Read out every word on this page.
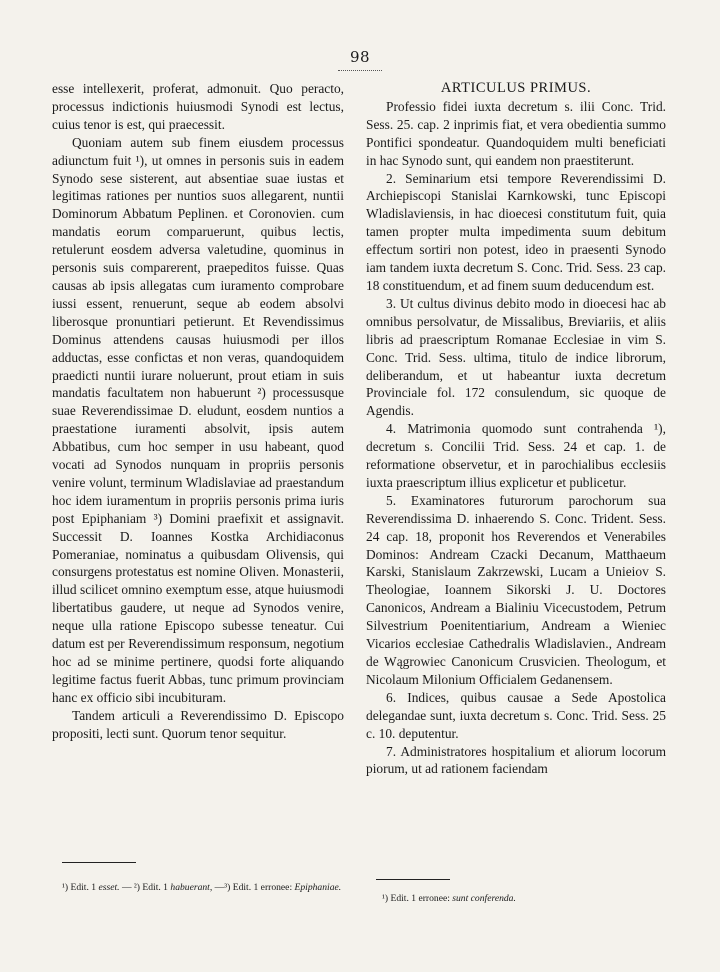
98

esse intellexerit, proferat, admonuit. Quo peracto, processus indictionis huiusmodi Synodi est lectus, cuius tenor is est, qui praecessit.

Quoniam autem sub finem eiusdem processus adiunctum fuit ¹), ut omnes in personis suis in eadem Synodo sese sisterent, aut absentiae suae iustas et legitimas rationes per nuntios suos allegarent, nuntii Dominorum Abbatum Peplinen. et Coronovien. cum mandatis eorum comparuerunt, quibus lectis, retulerunt eosdem adversa valetudine, quominus in personis suis comparerent, praepeditos fuisse. Quas causas ab ipsis allegatas cum iuramento comprobare iussi essent, renuerunt, seque ab eodem absolvi liberosque pronuntiari petierunt. Et Revendissimus Dominus attendens causas huiusmodi per illos adductas, esse confictas et non veras, quandoquidem praedicti nuntii iurare noluerunt, prout etiam in suis mandatis facultatem non habuerunt ²) processusque suae Reverendissimae D. eludunt, eosdem nuntios a praestatione iuramenti absolvit, ipsis autem Abbatibus, cum hoc semper in usu habeant, quod vocati ad Synodos nunquam in propriis personis venire volunt, terminum Wladislaviae ad praestandum hoc idem iuramentum in propriis personis prima iuris post Epiphaniam ³) Domini praefixit et assignavit. Successit D. Ioannes Kostka Archidiaconus Pomeraniae, nominatus a quibusdam Olivensis, qui consurgens protestatus est nomine Oliven. Monasterii, illud scilicet omnino exemptum esse, atque huiusmodi libertatibus gaudere, ut neque ad Synodos venire, neque ulla ratione Episcopo subesse teneatur. Cui datum est per Reverendissimum responsum, negotium hoc ad se minime pertinere, quodsi forte aliquando legitime factus fuerit Abbas, tunc primum provinciam hanc ex officio sibi incubituram.

Tandem articuli a Reverendissimo D. Episcopo propositi, lecti sunt. Quorum tenor sequitur.

ARTICULUS PRIMUS.

Professio fidei iuxta decretum s. ilii Conc. Trid. Sess. 25. cap. 2 inprimis fiat, et vera obedientia summo Pontifici spondeatur. Quandoquidem multi beneficiati in hac Synodo sunt, qui eandem non praestiterunt.

2. Seminarium etsi tempore Reverendissimi D. Archiepiscopi Stanislai Karnkowski, tunc Episcopi Wladislaviensis, in hac dioecesi constitutum fuit, quia tamen propter multa impedimenta suum debitum effectum sortiri non potest, ideo in praesenti Synodo iam tandem iuxta decretum S. Conc. Trid. Sess. 23 cap. 18 constituendum, et ad finem suum deducendum est.

3. Ut cultus divinus debito modo in dioecesi hac ab omnibus persolvatur, de Missalibus, Breviariis, et aliis libris ad praescriptum Romanae Ecclesiae in vim S. Conc. Trid. Sess. ultima, titulo de indice librorum, deliberandum, et ut habeantur iuxta decretum Provinciale fol. 172 consulendum, sic quoque de Agendis.

4. Matrimonia quomodo sunt contrahenda ¹), decretum s. Concilii Trid. Sess. 24 et cap. 1. de reformatione observetur, et in parochialibus ecclesiis iuxta praescriptum illius explicetur et publicetur.

5. Examinatores futurorum parochorum sua Reverendissima D. inhaerendo S. Conc. Trident. Sess. 24 cap. 18, proponit hos Reverendos et Venerabiles Dominos: Andream Czacki Decanum, Matthaeum Karski, Stanislaum Zakrzewski, Lucam a Unieiov S. Theologiae, Ioannem Sikorski J. U. Doctores Canonicos, Andream a Bialiniu Vicecustodem, Petrum Silvestrium Poenitentiarium, Andream a Wieniec Vicarios ecclesiae Cathedralis Wladislavien., Andream de Wągrowiec Canonicum Crusvicien. Theologum, et Nicolaum Milonium Officialem Gedanensem.

6. Indices, quibus causae a Sede Apostolica delegandae sunt, iuxta decretum s. Conc. Trid. Sess. 25 c. 10. deputentur.

7. Administratores hospitalium et aliorum locorum piorum, ut ad rationem faciendam

¹) Edit. 1 esset. — ²) Edit. 1 habuerant, —³) Edit. 1 erronee: Epiphaniae.
¹) Edit. 1 erronee: sunt conferenda.
